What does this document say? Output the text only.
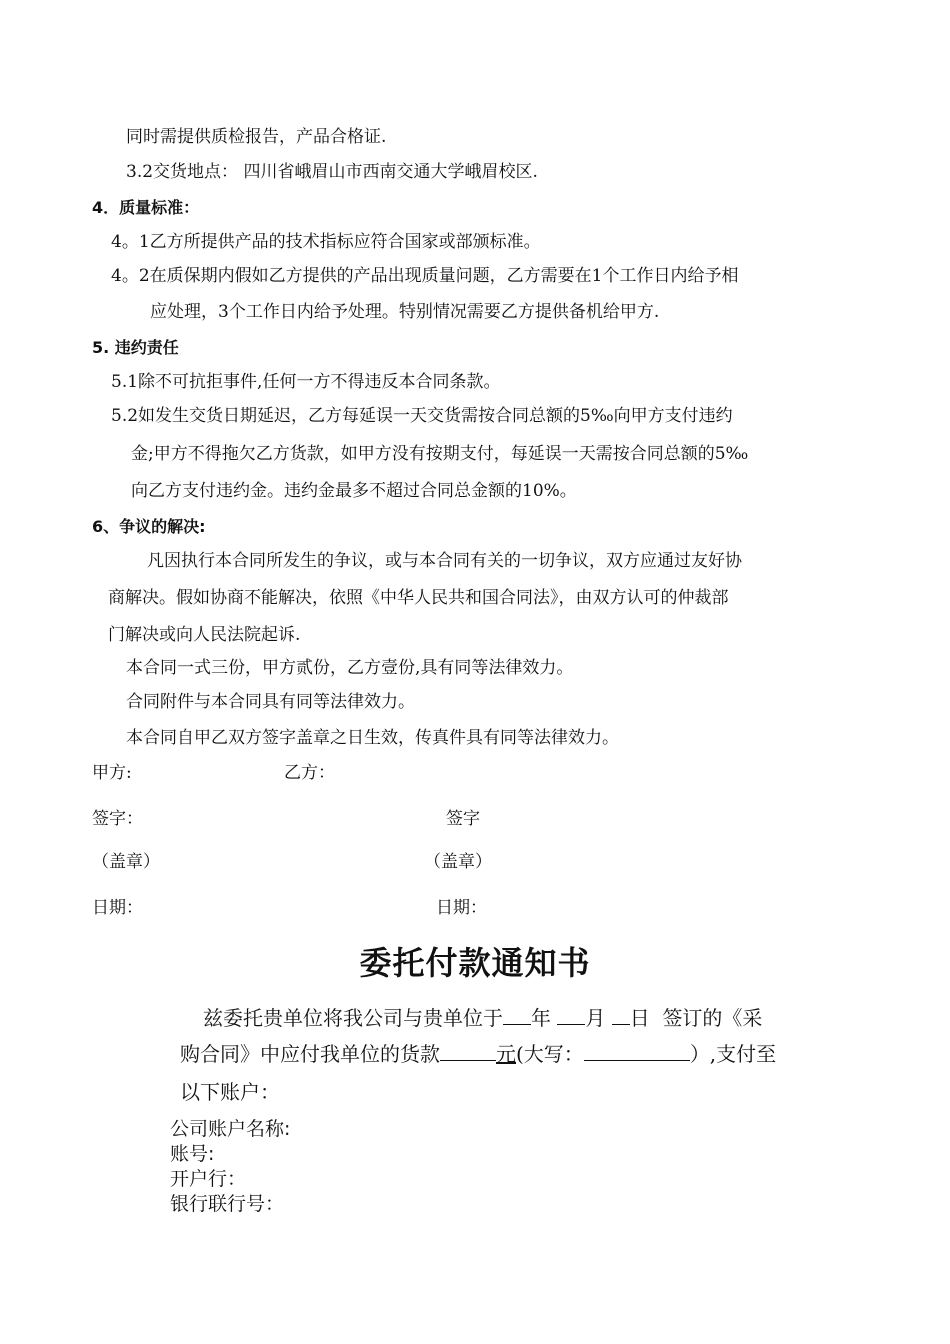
同时需提供质检报告，产品合格证.
3.2交货地点： 四川省峨眉山市西南交通大学峨眉校区.
4．质量标准：
4。1乙方所提供产品的技术指标应符合国家或部颁标准。
4。2在质保期内假如乙方提供的产品出现质量问题，乙方需要在1个工作日内给予相
应处理，3个工作日内给予处理。特别情况需要乙方提供备机给甲方.
5. 违约责任
5.1除不可抗拒事件,任何一方不得违反本合同条款。
5.2如发生交货日期延迟，乙方每延误一天交货需按合同总额的5‰向甲方支付违约
金;甲方不得拖欠乙方货款，如甲方没有按期支付，每延误一天需按合同总额的5‰
向乙方支付违约金。违约金最多不超过合同总金额的10%。
6、争议的解决:
凡因执行本合同所发生的争议，或与本合同有关的一切争议，双方应通过友好协
商解决。假如协商不能解决，依照《中华人民共和国合同法》，由双方认可的仲裁部
门解决或向人民法院起诉.
本合同一式三份，甲方贰份，乙方壹份,具有同等法律效力。
合同附件与本合同具有同等法律效力。
本合同自甲乙双方签字盖章之日生效，传真件具有同等法律效力。
甲方:	乙方：
签字：	签字
（盖章）	（盖章）
日期：	日期：
委托付款通知书
兹委托贵单位将我公司与贵单位于 年 月 日 签订的《采
购合同》中应付我单位的货款	元(大写：	）,支付至
以下账户：
公司账户名称:
账号:
开户行：
银行联行号：
